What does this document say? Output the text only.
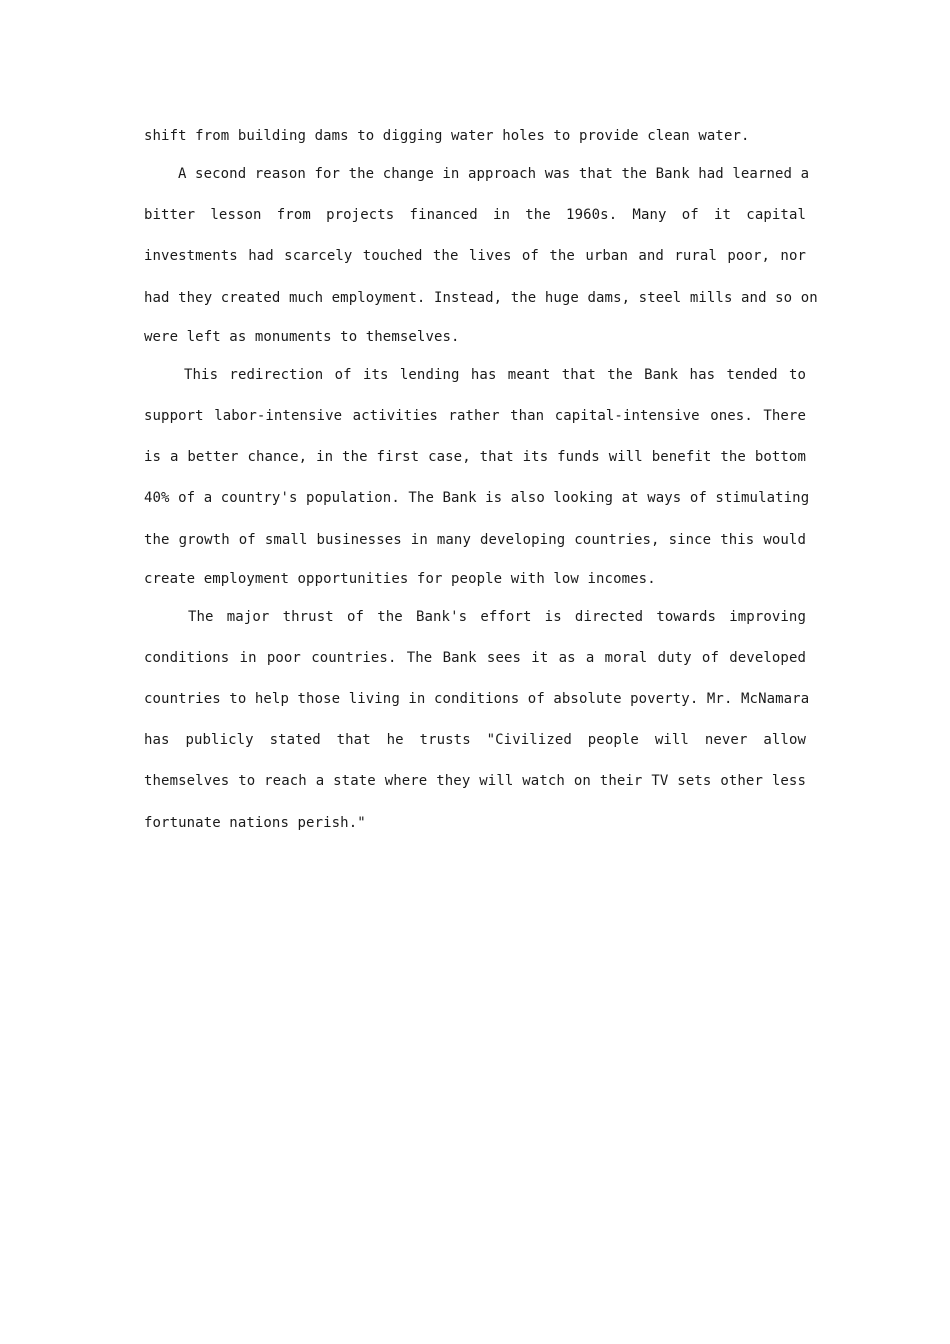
shift from building dams to digging water holes to provide clean water.
A second reason for the change in approach was that the Bank had learned a
bitter lesson from projects financed in the 1960s. Many of it capital
investments had scarcely touched the lives of the urban and rural poor, nor
had they created much employment. Instead, the huge dams, steel mills and so on
were left as monuments to themselves.
This redirection of its lending has meant that the Bank has tended to
support labor-intensive activities rather than capital-intensive ones. There
is a better chance, in the first case, that its funds will benefit the bottom
40% of a country's population. The Bank is also looking at ways of stimulating
the growth of small businesses in many developing countries, since this would
create employment opportunities for people with low incomes.
The major thrust of the Bank's effort is directed towards improving
conditions in poor countries. The Bank sees it as a moral duty of developed
countries to help those living in conditions of absolute poverty. Mr. McNamara
has publicly stated that he trusts "Civilized people will never allow
themselves to reach a state where they will watch on their TV sets other less
fortunate nations perish."
